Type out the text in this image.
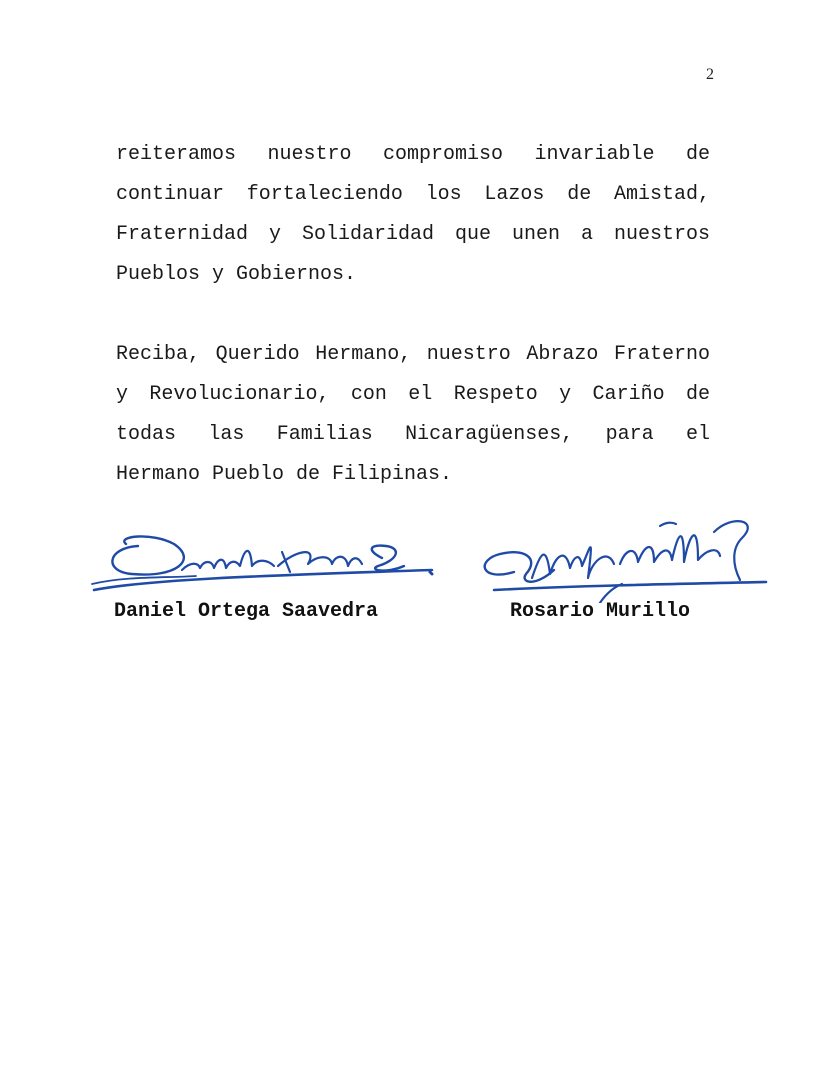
2

reiteramos nuestro compromiso invariable de
continuar fortaleciendo los Lazos de Amistad,
Fraternidad y Solidaridad que unen a nuestros
Pueblos y Gobiernos.

Reciba, Querido Hermano, nuestro Abrazo Fraterno
y Revolucionario, con el Respeto y Cariño de
todas las Familias Nicaragüenses, para el
Hermano Pueblo de Filipinas.

Daniel Ortega Saavedra	Rosario Murillo
